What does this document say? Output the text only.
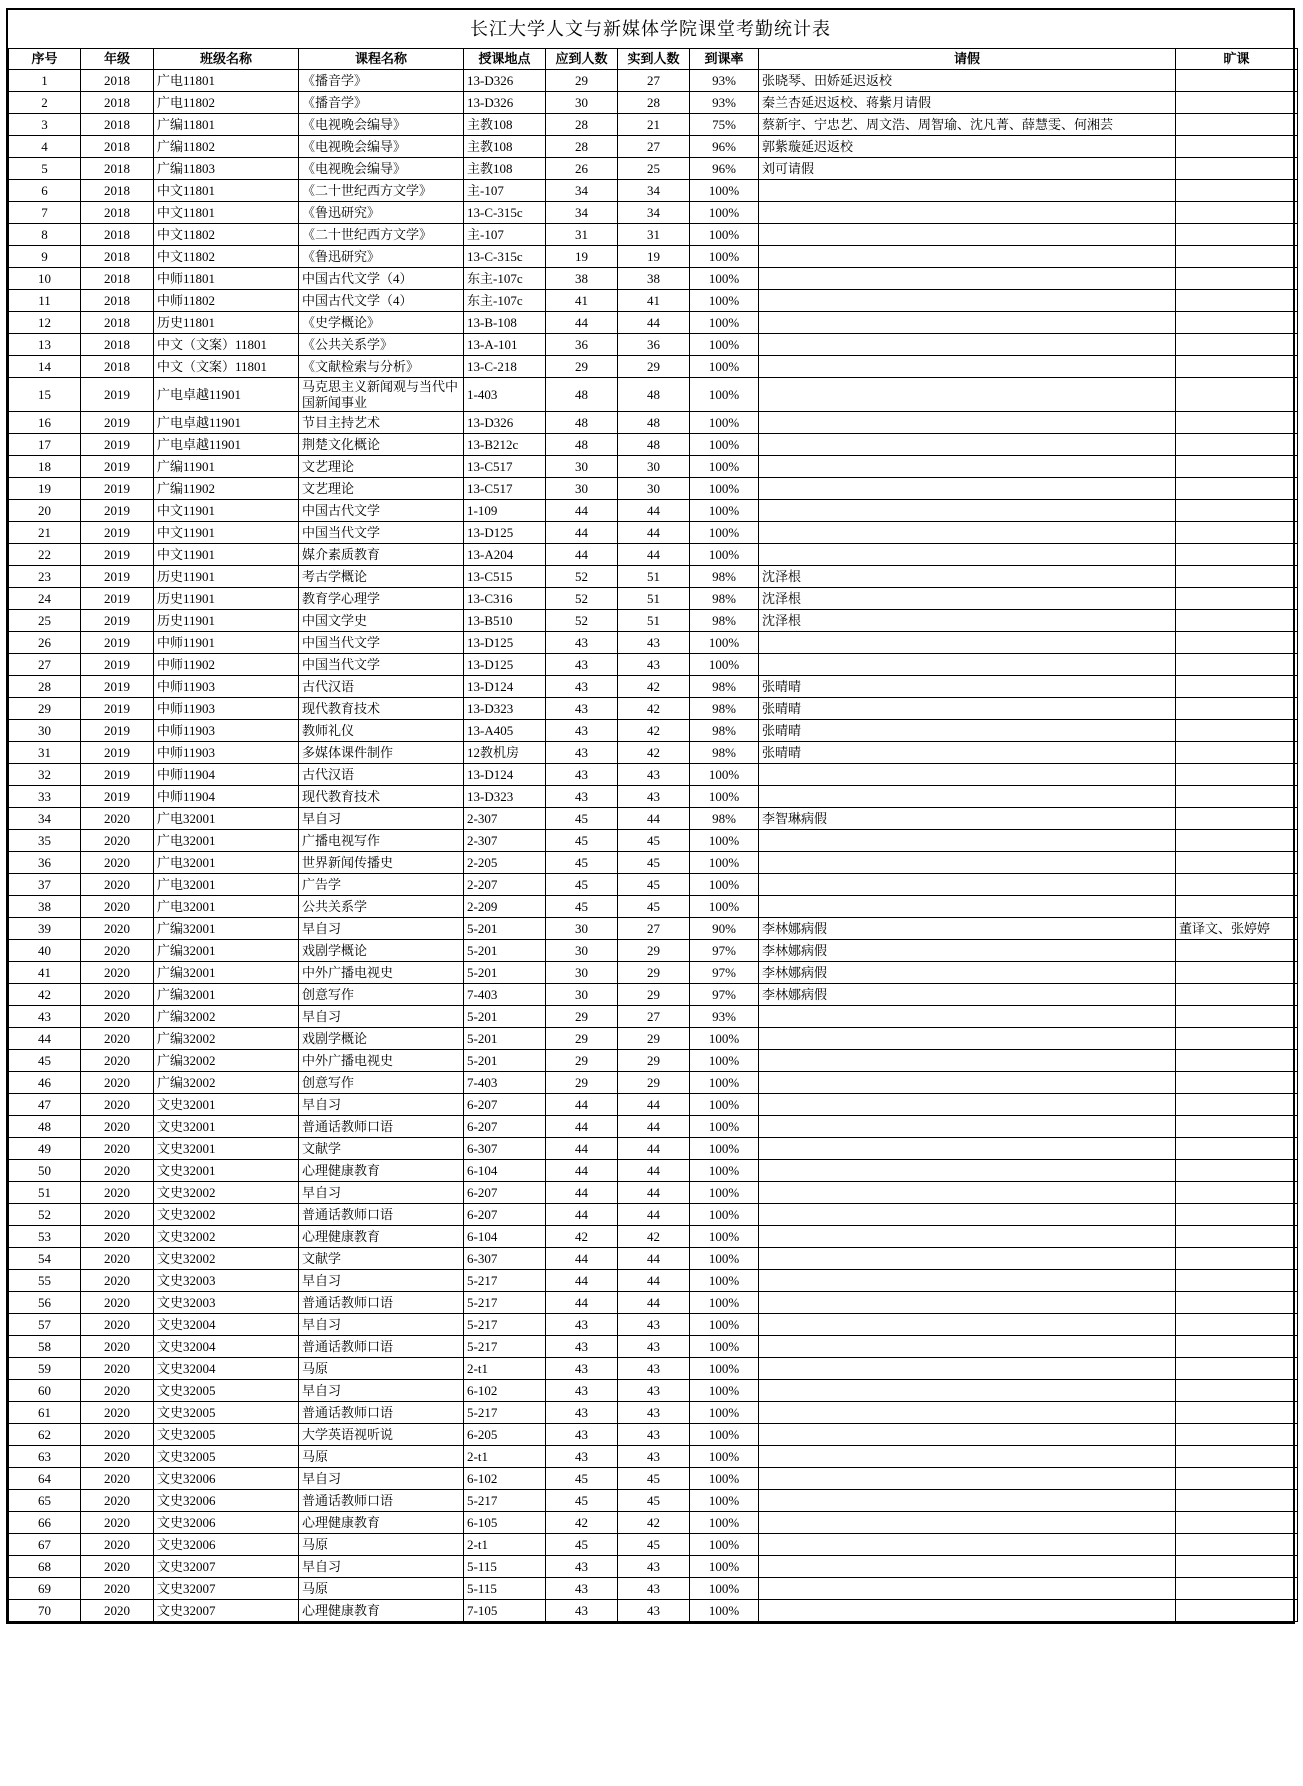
长江大学人文与新媒体学院课堂考勤统计表
序号	年级	班级名称	课程名称	授课地点	应到人数	实到人数	到课率	请假	旷课
1	2018	广电11801	《播音学》	13-D326	29	27	93%	张晓琴、田娇延迟返校	
2	2018	广电11802	《播音学》	13-D326	30	28	93%	秦兰杏延迟返校、蒋紫月请假	
3	2018	广编11801	《电视晚会编导》	主教108	28	21	75%	蔡新宇、宁忠艺、周文浩、周智瑜、沈凡菁、薛慧雯、何湘芸	
4	2018	广编11802	《电视晚会编导》	主教108	28	27	96%	郭紫璇延迟返校	
5	2018	广编11803	《电视晚会编导》	主教108	26	25	96%	刘可请假	
6	2018	中文11801	《二十世纪西方文学》	主-107	34	34	100%		
7	2018	中文11801	《鲁迅研究》	13-C-315c	34	34	100%		
8	2018	中文11802	《二十世纪西方文学》	主-107	31	31	100%		
9	2018	中文11802	《鲁迅研究》	13-C-315c	19	19	100%		
10	2018	中师11801	中国古代文学（4）	东主-107c	38	38	100%		
11	2018	中师11802	中国古代文学（4）	东主-107c	41	41	100%		
12	2018	历史11801	《史学概论》	13-B-108	44	44	100%		
13	2018	中文（文案）11801	《公共关系学》	13-A-101	36	36	100%		
14	2018	中文（文案）11801	《文献检索与分析》	13-C-218	29	29	100%		
15	2019	广电卓越11901	马克思主义新闻观与当代中国新闻事业	1-403	48	48	100%		
16	2019	广电卓越11901	节目主持艺术	13-D326	48	48	100%		
17	2019	广电卓越11901	荆楚文化概论	13-B212c	48	48	100%		
18	2019	广编11901	文艺理论	13-C517	30	30	100%		
19	2019	广编11902	文艺理论	13-C517	30	30	100%		
20	2019	中文11901	中国古代文学	1-109	44	44	100%		
21	2019	中文11901	中国当代文学	13-D125	44	44	100%		
22	2019	中文11901	媒介素质教育	13-A204	44	44	100%		
23	2019	历史11901	考古学概论	13-C515	52	51	98%	沈泽根	
24	2019	历史11901	教育学心理学	13-C316	52	51	98%	沈泽根	
25	2019	历史11901	中国文学史	13-B510	52	51	98%	沈泽根	
26	2019	中师11901	中国当代文学	13-D125	43	43	100%		
27	2019	中师11902	中国当代文学	13-D125	43	43	100%		
28	2019	中师11903	古代汉语	13-D124	43	42	98%	张晴晴	
29	2019	中师11903	现代教育技术	13-D323	43	42	98%	张晴晴	
30	2019	中师11903	教师礼仪	13-A405	43	42	98%	张晴晴	
31	2019	中师11903	多媒体课件制作	12教机房	43	42	98%	张晴晴	
32	2019	中师11904	古代汉语	13-D124	43	43	100%		
33	2019	中师11904	现代教育技术	13-D323	43	43	100%		
34	2020	广电32001	早自习	2-307	45	44	98%	李智琳病假	
35	2020	广电32001	广播电视写作	2-307	45	45	100%		
36	2020	广电32001	世界新闻传播史	2-205	45	45	100%		
37	2020	广电32001	广告学	2-207	45	45	100%		
38	2020	广电32001	公共关系学	2-209	45	45	100%		
39	2020	广编32001	早自习	5-201	30	27	90%	李林娜病假	董译文、张婷婷
40	2020	广编32001	戏剧学概论	5-201	30	29	97%	李林娜病假	
41	2020	广编32001	中外广播电视史	5-201	30	29	97%	李林娜病假	
42	2020	广编32001	创意写作	7-403	30	29	97%	李林娜病假	
43	2020	广编32002	早自习	5-201	29	27	93%		
44	2020	广编32002	戏剧学概论	5-201	29	29	100%		
45	2020	广编32002	中外广播电视史	5-201	29	29	100%		
46	2020	广编32002	创意写作	7-403	29	29	100%		
47	2020	文史32001	早自习	6-207	44	44	100%		
48	2020	文史32001	普通话教师口语	6-207	44	44	100%		
49	2020	文史32001	文献学	6-307	44	44	100%		
50	2020	文史32001	心理健康教育	6-104	44	44	100%		
51	2020	文史32002	早自习	6-207	44	44	100%		
52	2020	文史32002	普通话教师口语	6-207	44	44	100%		
53	2020	文史32002	心理健康教育	6-104	42	42	100%		
54	2020	文史32002	文献学	6-307	44	44	100%		
55	2020	文史32003	早自习	5-217	44	44	100%		
56	2020	文史32003	普通话教师口语	5-217	44	44	100%		
57	2020	文史32004	早自习	5-217	43	43	100%		
58	2020	文史32004	普通话教师口语	5-217	43	43	100%		
59	2020	文史32004	马原	2-t1	43	43	100%		
60	2020	文史32005	早自习	6-102	43	43	100%		
61	2020	文史32005	普通话教师口语	5-217	43	43	100%		
62	2020	文史32005	大学英语视听说	6-205	43	43	100%		
63	2020	文史32005	马原	2-t1	43	43	100%		
64	2020	文史32006	早自习	6-102	45	45	100%		
65	2020	文史32006	普通话教师口语	5-217	45	45	100%		
66	2020	文史32006	心理健康教育	6-105	42	42	100%		
67	2020	文史32006	马原	2-t1	45	45	100%		
68	2020	文史32007	早自习	5-115	43	43	100%		
69	2020	文史32007	马原	5-115	43	43	100%		
70	2020	文史32007	心理健康教育	7-105	43	43	100%		
